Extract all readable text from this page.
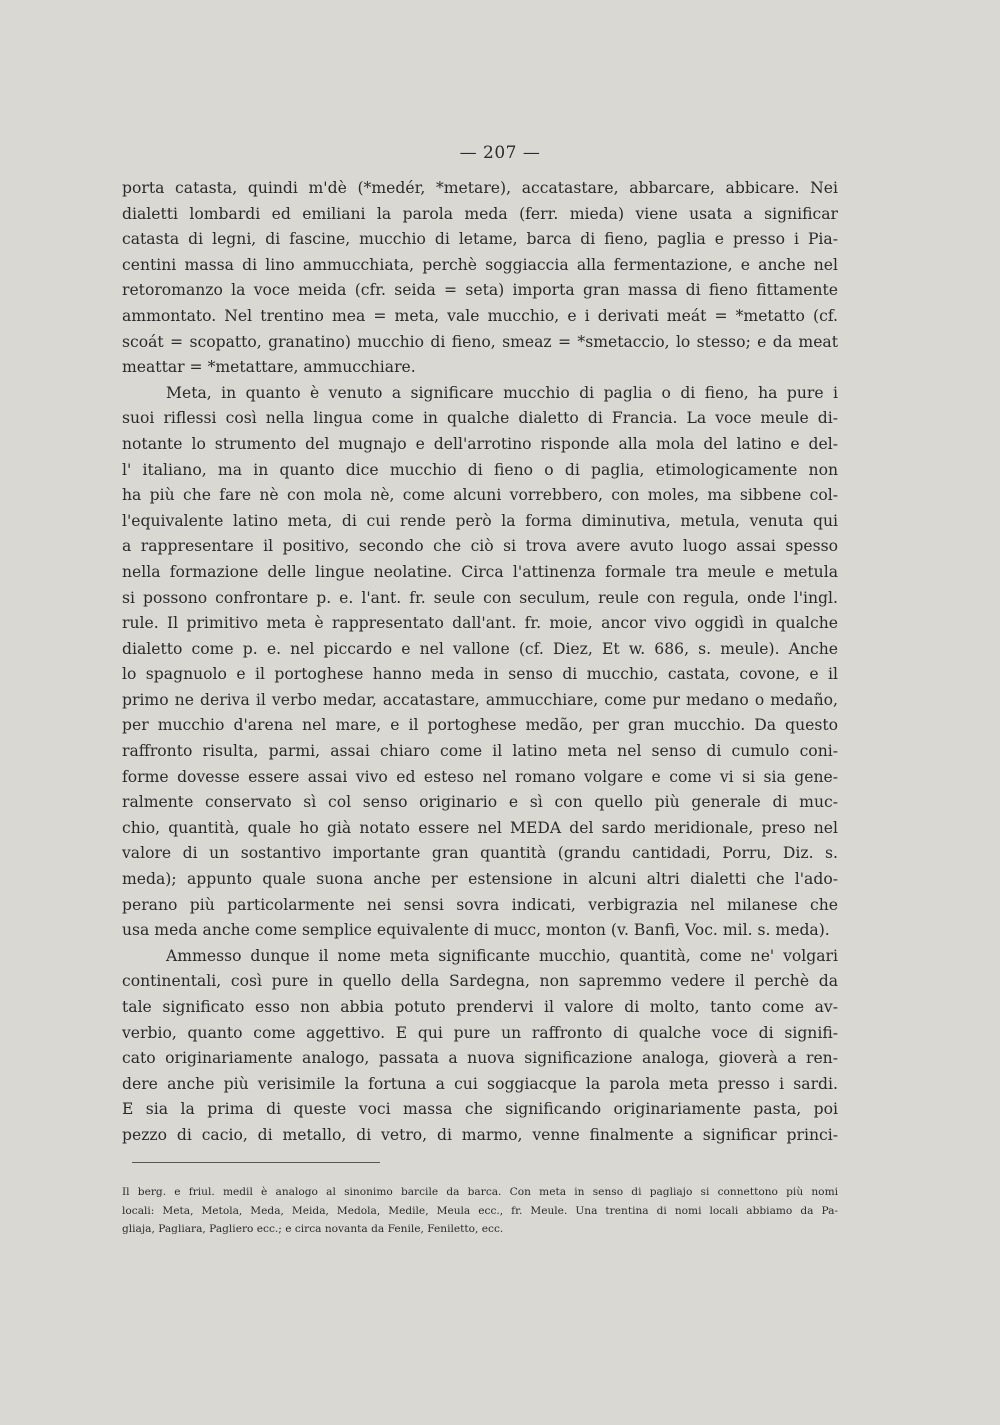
— 207 —

porta catasta, quindi m'dè (*medér, *metare), accatastare, abbarcare, abbicare. Nei
dialetti lombardi ed emiliani la parola meda (ferr. mieda) viene usata a significar
catasta di legni, di fascine, mucchio di letame, barca di fieno, paglia e presso i Pia-
centini massa di lino ammucchiata, perchè soggiaccia alla fermentazione, e anche nel
retoromanzo la voce meida (cfr. seida = seta) importa gran massa di fieno fittamente
ammontato. Nel trentino mea = meta, vale mucchio, e i derivati meát = *metatto (cf.
scoát = scopatto, granatino) mucchio di fieno, smeaz = *smetaccio, lo stesso; e da meat
meattar = *metattare, ammucchiare.

Meta, in quanto è venuto a significare mucchio di paglia o di fieno, ha pure i
suoi riflessi così nella lingua come in qualche dialetto di Francia. La voce meule di-
notante lo strumento del mugnajo e dell'arrotino risponde alla mola del latino e del-
l' italiano, ma in quanto dice mucchio di fieno o di paglia, etimologicamente non
ha più che fare nè con mola nè, come alcuni vorrebbero, con moles, ma sibbene col-
l'equivalente latino meta, di cui rende però la forma diminutiva, metula, venuta qui
a rappresentare il positivo, secondo che ciò si trova avere avuto luogo assai spesso
nella formazione delle lingue neolatine. Circa l'attinenza formale tra meule e metula
si possono confrontare p. e. l'ant. fr. seule con seculum, reule con regula, onde l'ingl.
rule. Il primitivo meta è rappresentato dall'ant. fr. moie, ancor vivo oggidì in qualche
dialetto come p. e. nel piccardo e nel vallone (cf. Diez, Et w. 686, s. meule). Anche
lo spagnuolo e il portoghese hanno meda in senso di mucchio, castata, covone, e il
primo ne deriva il verbo medar, accatastare, ammucchiare, come pur medano o medaño,
per mucchio d'arena nel mare, e il portoghese medão, per gran mucchio. Da questo
raffronto risulta, parmi, assai chiaro come il latino meta nel senso di cumulo coni-
forme dovesse essere assai vivo ed esteso nel romano volgare e come vi si sia gene-
ralmente conservato sì col senso originario e sì con quello più generale di muc-
chio, quantità, quale ho già notato essere nel MEDA del sardo meridionale, preso nel
valore di un sostantivo importante gran quantità (grandu cantidadi, Porru, Diz. s.
meda); appunto quale suona anche per estensione in alcuni altri dialetti che l'ado-
perano più particolarmente nei sensi sovra indicati, verbigrazia nel milanese che
usa meda anche come semplice equivalente di mucc, monton (v. Banfi, Voc. mil. s. meda).

Ammesso dunque il nome meta significante mucchio, quantità, come ne' volgari
continentali, così pure in quello della Sardegna, non sapremmo vedere il perchè da
tale significato esso non abbia potuto prendervi il valore di molto, tanto come av-
verbio, quanto come aggettivo. E qui pure un raffronto di qualche voce di signifi-
cato originariamente analogo, passata a nuova significazione analoga, gioverà a ren-
dere anche più verisimile la fortuna a cui soggiacque la parola meta presso i sardi.
E sia la prima di queste voci massa che significando originariamente pasta, poi
pezzo di cacio, di metallo, di vetro, di marmo, venne finalmente a significar princi-

Il berg. e friul. medil è analogo al sinonimo barcile da barca. Con meta in senso di pagliajo si connettono più nomi
locali: Meta, Metola, Meda, Meida, Medola, Medile, Meula ecc., fr. Meule. Una trentina di nomi locali abbiamo da Pa-
gliaja, Pagliara, Pagliero ecc.; e circa novanta da Fenile, Feniletto, ecc.
